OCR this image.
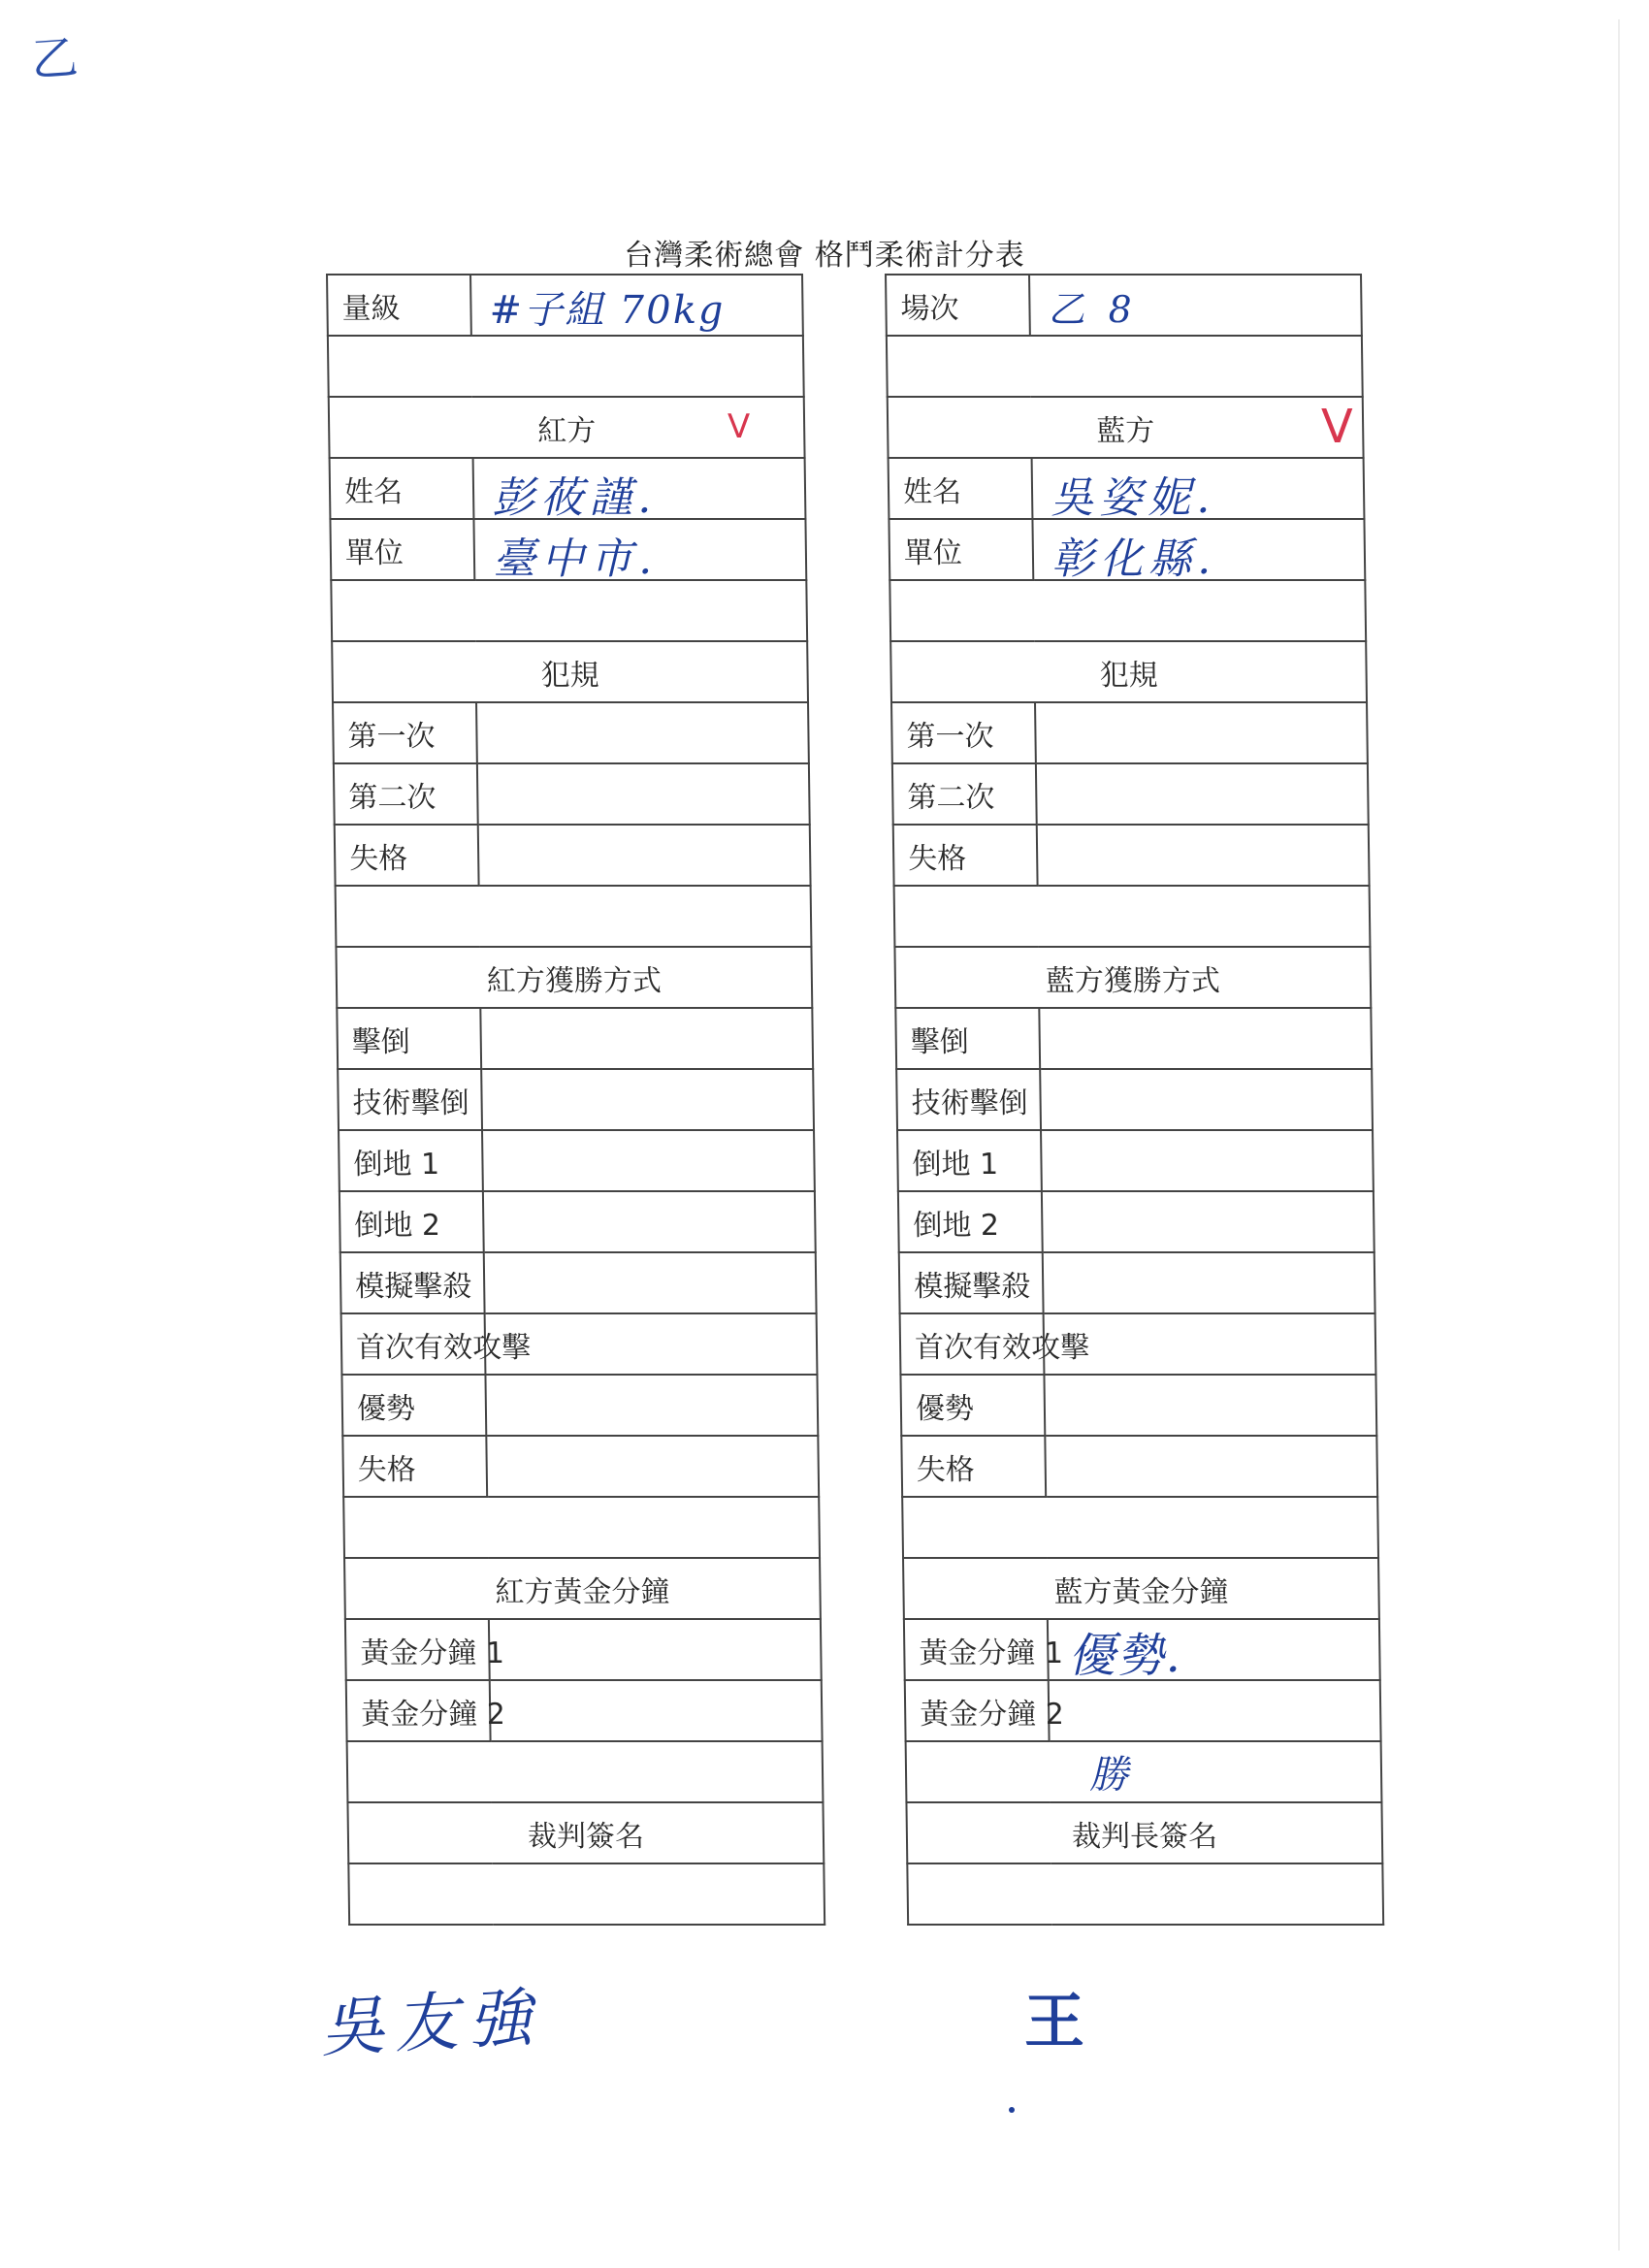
乙
台灣柔術總會 格鬥柔術計分表
量級	#子組 70kg

紅方 V	

姓名	彭莜謹.

單位	臺中市.

犯規	
第一次	
第二次	
失格	

紅方獲勝方式	
擊倒	
技術擊倒	
倒地 1	
倒地 2	
模擬擊殺	
首次有效攻擊	
優勢	
失格	

紅方黃金分鐘	
黃金分鐘 1	
黃金分鐘 2	

裁判簽名	

場次	乙 8

藍方 V	

姓名	吳姿妮.

單位	彰化縣.

犯規	
第一次	
第二次	
失格	

藍方獲勝方式	
擊倒	
技術擊倒	
倒地 1	
倒地 2	
模擬擊殺	
首次有效攻擊	
優勢	
失格	

藍方黃金分鐘	
黃金分鐘 1	優勢.

黃金分鐘 2	

勝	

裁判長簽名	

吳友強	王
